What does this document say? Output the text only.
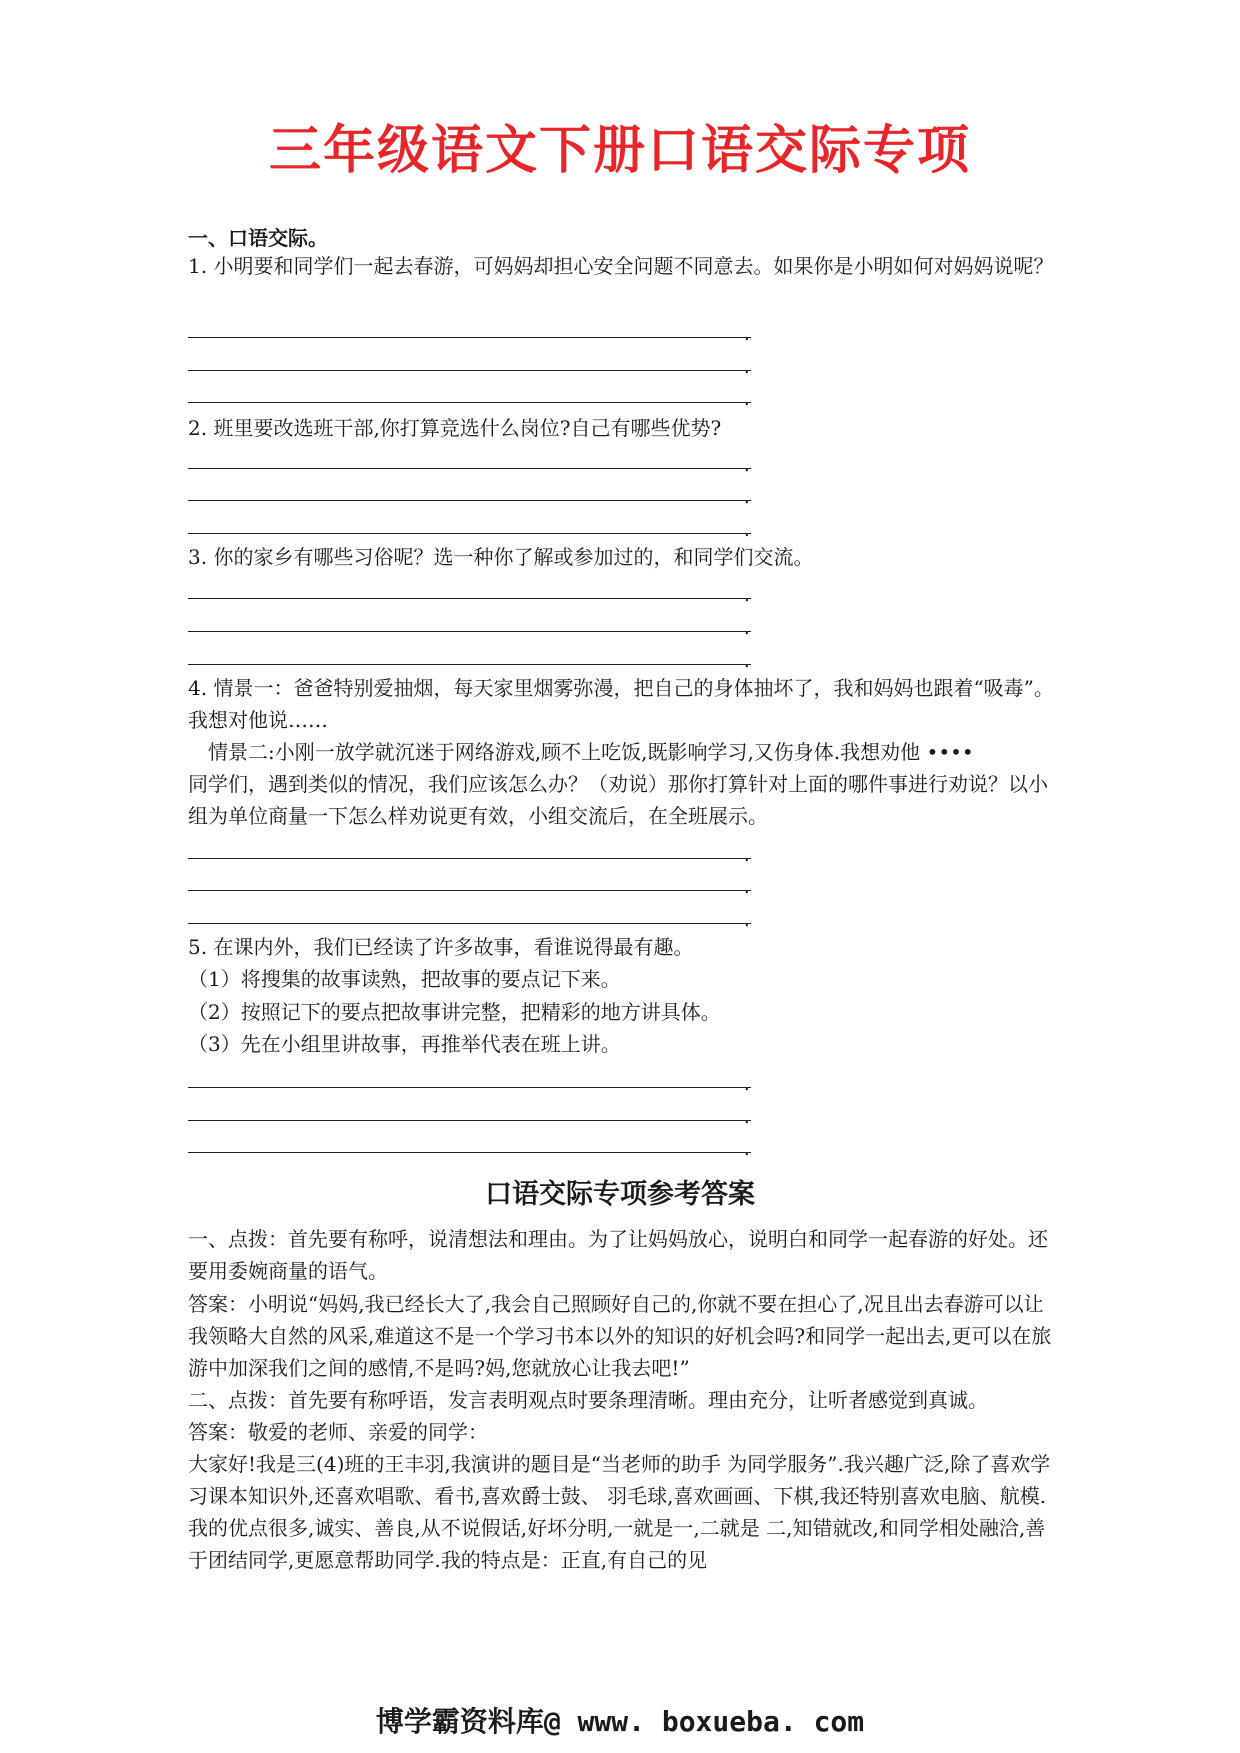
三年级语文下册口语交际专项
一、口语交际。
1. 小明要和同学们一起去春游，可妈妈却担心安全问题不同意去。如果你是小明如何对妈妈说呢？
.
.
.
2. 班里要改选班干部,你打算竞选什么岗位?自己有哪些优势?
.
.
.
3. 你的家乡有哪些习俗呢？选一种你了解或参加过的，和同学们交流。
.
.
.
4. 情景一：爸爸特别爱抽烟，每天家里烟雾弥漫，把自己的身体抽坏了，我和妈妈也跟着“吸毒”。我想对他说……
　情景二:小刚一放学就沉迷于网络游戏,顾不上吃饭,既影响学习,又伤身体.我想劝他 ••••
同学们，遇到类似的情况，我们应该怎么办？（劝说）那你打算针对上面的哪件事进行劝说？以小组为单位商量一下怎么样劝说更有效，小组交流后，在全班展示。
.
.
.
5. 在课内外，我们已经读了许多故事，看谁说得最有趣。
（1）将搜集的故事读熟，把故事的要点记下来。
（2）按照记下的要点把故事讲完整，把精彩的地方讲具体。
（3）先在小组里讲故事，再推举代表在班上讲。
.
.
.
口语交际专项参考答案
一、点拨：首先要有称呼，说清想法和理由。为了让妈妈放心，说明白和同学一起春游的好处。还要用委婉商量的语气。
答案：小明说“妈妈,我已经长大了,我会自己照顾好自己的,你就不要在担心了,况且出去春游可以让我领略大自然的风采,难道这不是一个学习书本以外的知识的好机会吗?和同学一起出去,更可以在旅游中加深我们之间的感情,不是吗?妈,您就放心让我去吧!”
二、点拨：首先要有称呼语，发言表明观点时要条理清晰。理由充分，让听者感觉到真诚。
答案：敬爱的老师、亲爱的同学：
大家好!我是三(4)班的王丰羽,我演讲的题目是“当老师的助手 为同学服务”.我兴趣广泛,除了喜欢学习课本知识外,还喜欢唱歌、看书,喜欢爵士鼓、 羽毛球,喜欢画画、下棋,我还特别喜欢电脑、航模.我的优点很多,诚实、善良,从不说假话,好坏分明,一就是一,二就是 二,知错就改,和同学相处融洽,善于团结同学,更愿意帮助同学.我的特点是：正直,有自己的见
博学霸资料库@ www. boxueba. com
